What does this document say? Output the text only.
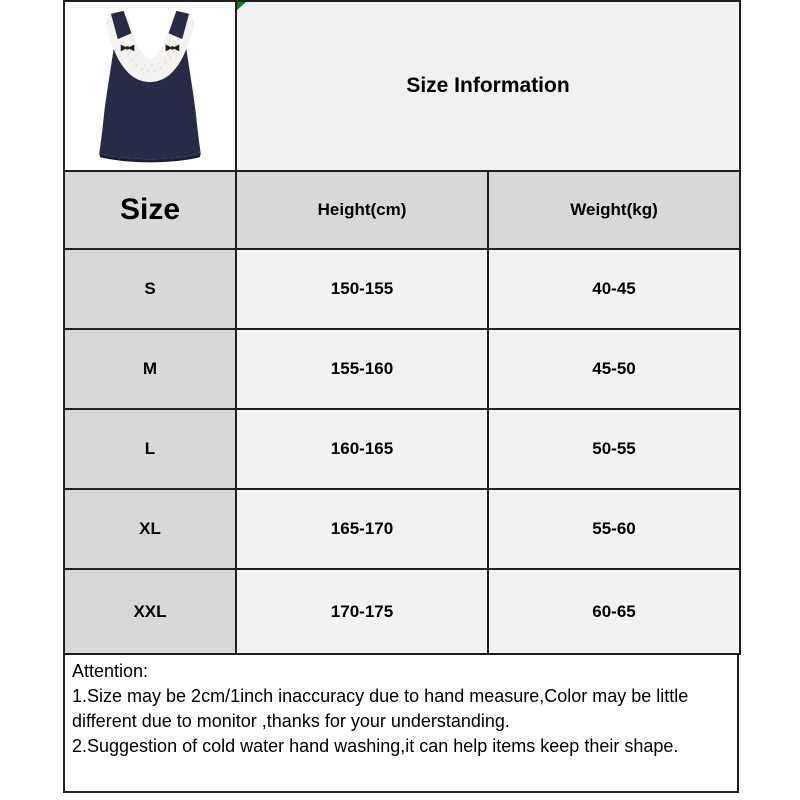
Size Information	
Size	Height(cm)	Weight(kg)
S	150-155	40-45
M	155-160	45-50
L	160-165	50-55
XL	165-170	55-60
XXL	170-175	60-65
Attention:
1.Size may be 2cm/1inch inaccuracy due to hand measure,Color may be little different due to monitor ,thanks for your understanding.
2.Suggestion of cold water hand washing,it can help items keep their shape.
